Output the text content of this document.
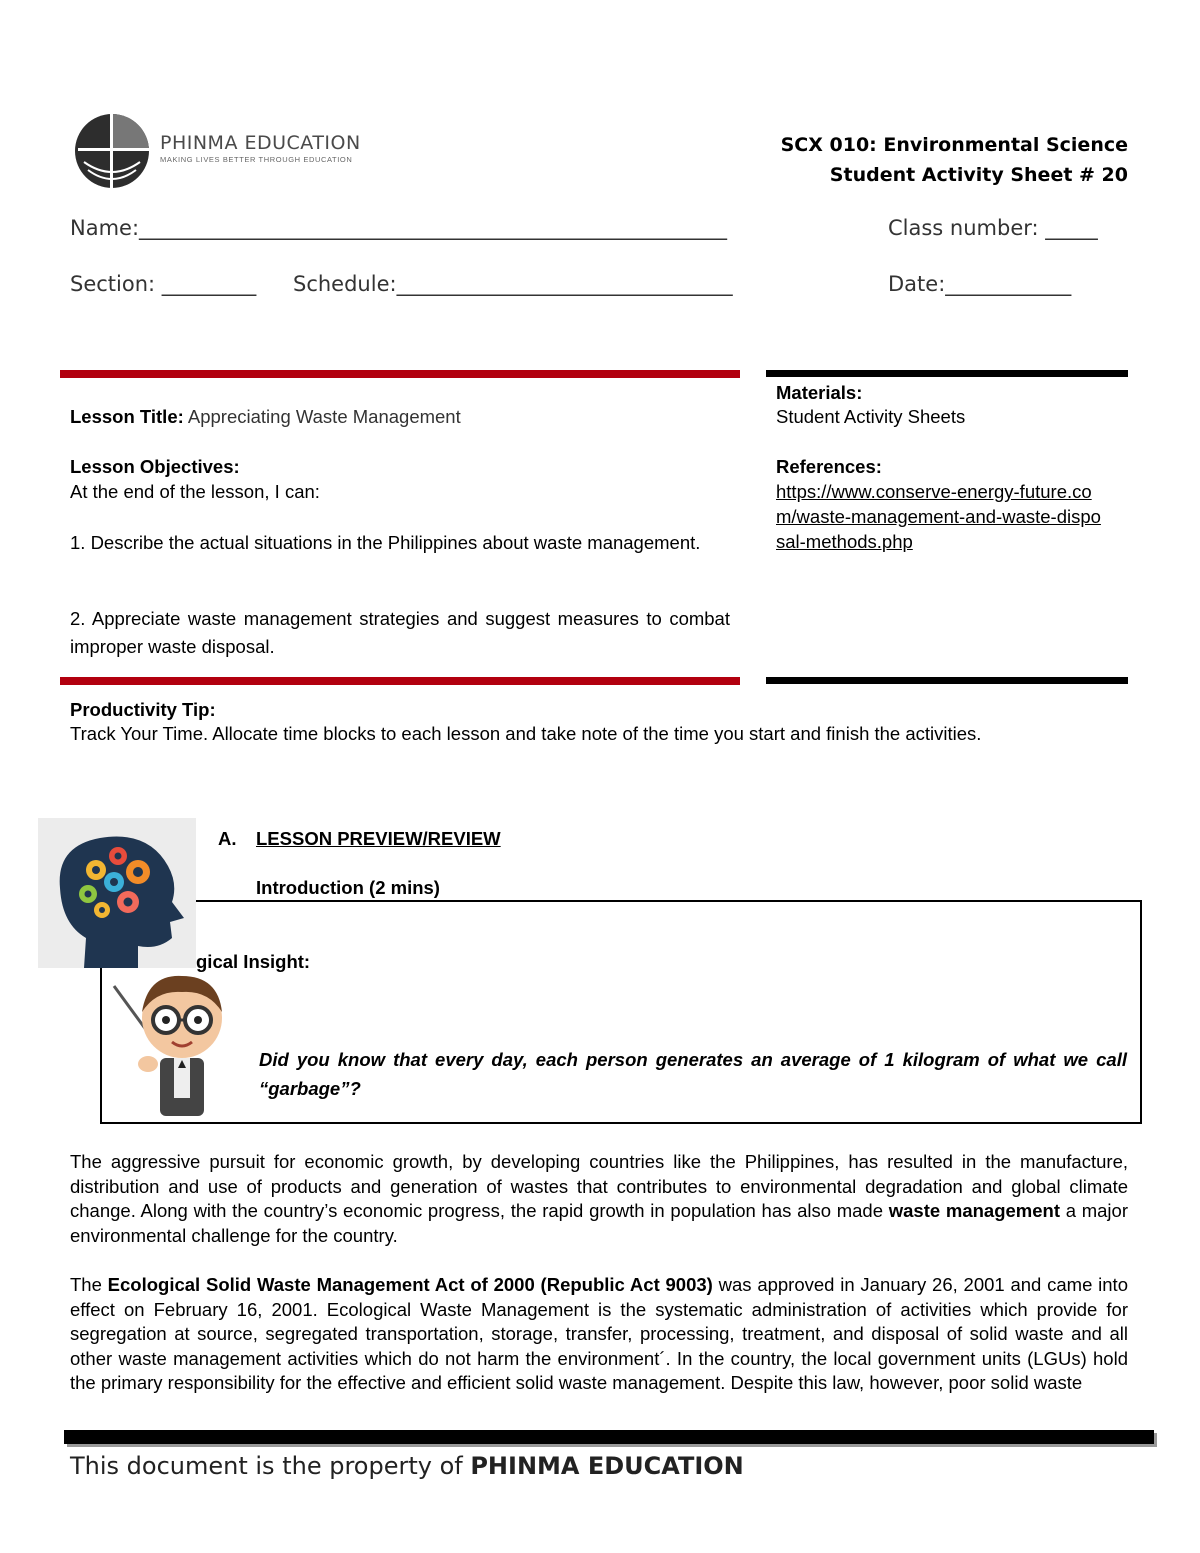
PHINMA EDUCATION
MAKING LIVES BETTER THROUGH EDUCATION
SCX 010: Environmental Science
Student Activity Sheet # 20
Name:________________________________________________________	Class number: _____
Section: _________ Schedule:________________________________	Date:____________
Lesson Title: Appreciating Waste Management
Lesson Objectives:
At the end of the lesson, I can:
1. Describe the actual situations in the Philippines about waste management.
2. Appreciate waste management strategies and suggest measures to combat improper waste disposal.
Materials:
Student Activity Sheets
References:
https://www.conserve-energy-future.com/waste-management-and-waste-disposal-methods.php
Productivity Tip:
Track Your Time. Allocate time blocks to each lesson and take note of the time you start and finish the activities.
gical Insight:
Did you know that every day, each person generates an average of 1 kilogram of what we call “garbage”?
A. LESSON PREVIEW/REVIEW
Introduction (2 mins)
The aggressive pursuit for economic growth, by developing countries like the Philippines, has resulted in the manufacture, distribution and use of products and generation of wastes that contributes to environmental degradation and global climate change. Along with the country’s economic progress, the rapid growth in population has also made waste management a major environmental challenge for the country.
The Ecological Solid Waste Management Act of 2000 (Republic Act 9003) was approved in January 26, 2001 and came into effect on February 16, 2001. Ecological Waste Management is the systematic administration of activities which provide for segregation at source, segregated transportation, storage, transfer, processing, treatment, and disposal of solid waste and all other waste management activities which do not harm the environment´. In the country, the local government units (LGUs) hold the primary responsibility for the effective and efficient solid waste management. Despite this law, however, poor solid waste
This document is the property of PHINMA EDUCATION
